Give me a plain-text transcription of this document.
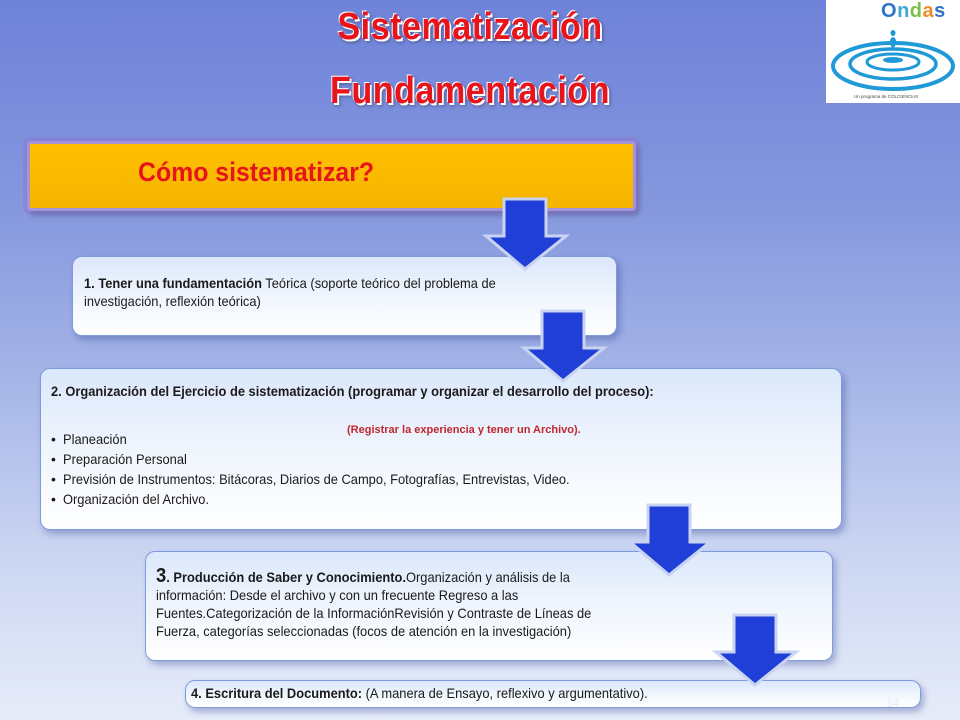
Sistematización
Fundamentación
Ondas
Un programa de COLCIENCIAS
Cómo sistematizar?
1. Tener una fundamentación Teórica (soporte teórico del problema de investigación, reflexión teórica)
2. Organización del Ejercicio de sistematización (programar y organizar el desarrollo del proceso):
(Registrar la experiencia y tener un Archivo).
• Planeación
• Preparación Personal
• Previsión de Instrumentos: Bitácoras, Diarios de Campo, Fotografías, Entrevistas, Video.
• Organización del Archivo.
3. Producción de Saber y Conocimiento.Organización y análisis de la información: Desde el archivo y con un frecuente Regreso a las Fuentes.Categorización de la InformaciónRevisión y Contraste de Líneas de Fuerza, categorías seleccionadas (focos de atención en la investigación)
4. Escritura del Documento: (A manera de Ensayo, reflexivo y argumentativo).
14
